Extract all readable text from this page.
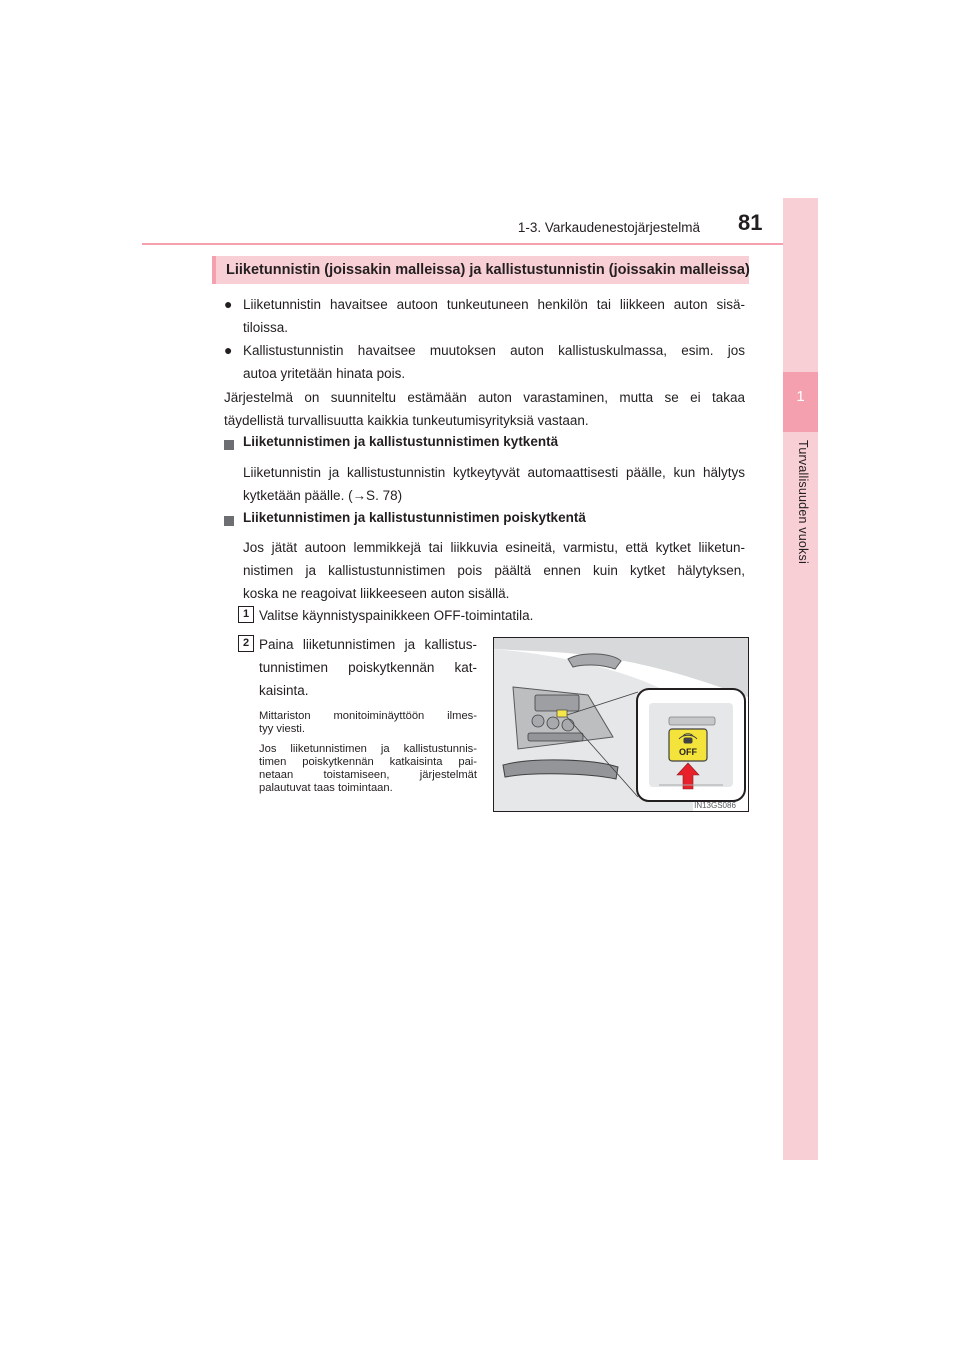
1-3. Varkaudenestojärjestelmä 81
1
Turvallisuuden vuoksi
Liiketunnistin (joissakin malleissa) ja kallistustunnistin (joissakin malleissa)
● Liiketunnistin havaitsee autoon tunkeutuneen henkilön tai liikkeen auton sisä-
tiloissa.
● Kallistustunnistin havaitsee muutoksen auton kallistuskulmassa, esim. jos
autoa yritetään hinata pois.
Järjestelmä on suunniteltu estämään auton varastaminen, mutta se ei takaa
täydellistä turvallisuutta kaikkia tunkeutumisyrityksiä vastaan.
Liiketunnistimen ja kallistustunnistimen kytkentä
Liiketunnistin ja kallistustunnistin kytkeytyvät automaattisesti päälle, kun hälytys
kytketään päälle. (→S. 78)
Liiketunnistimen ja kallistustunnistimen poiskytkentä
Jos jätät autoon lemmikkejä tai liikkuvia esineitä, varmistu, että kytket liiketun-
nistimen ja kallistustunnistimen pois päältä ennen kuin kytket hälytyksen,
koska ne reagoivat liikkeeseen auton sisällä.
1 Valitse käynnistyspainikkeen OFF-toimintatila.
2 Paina liiketunnistimen ja kallistus-
tunnistimen poiskytkennän kat-
kaisinta.
Mittariston monitoiminäyttöön ilmes-
tyy viesti.
Jos liiketunnistimen ja kallistustunnis-
timen poiskytkennän katkaisinta pai-
netaan toistamiseen, järjestelmät
palautuvat taas toimintaan.
OFF
IN13GS086
